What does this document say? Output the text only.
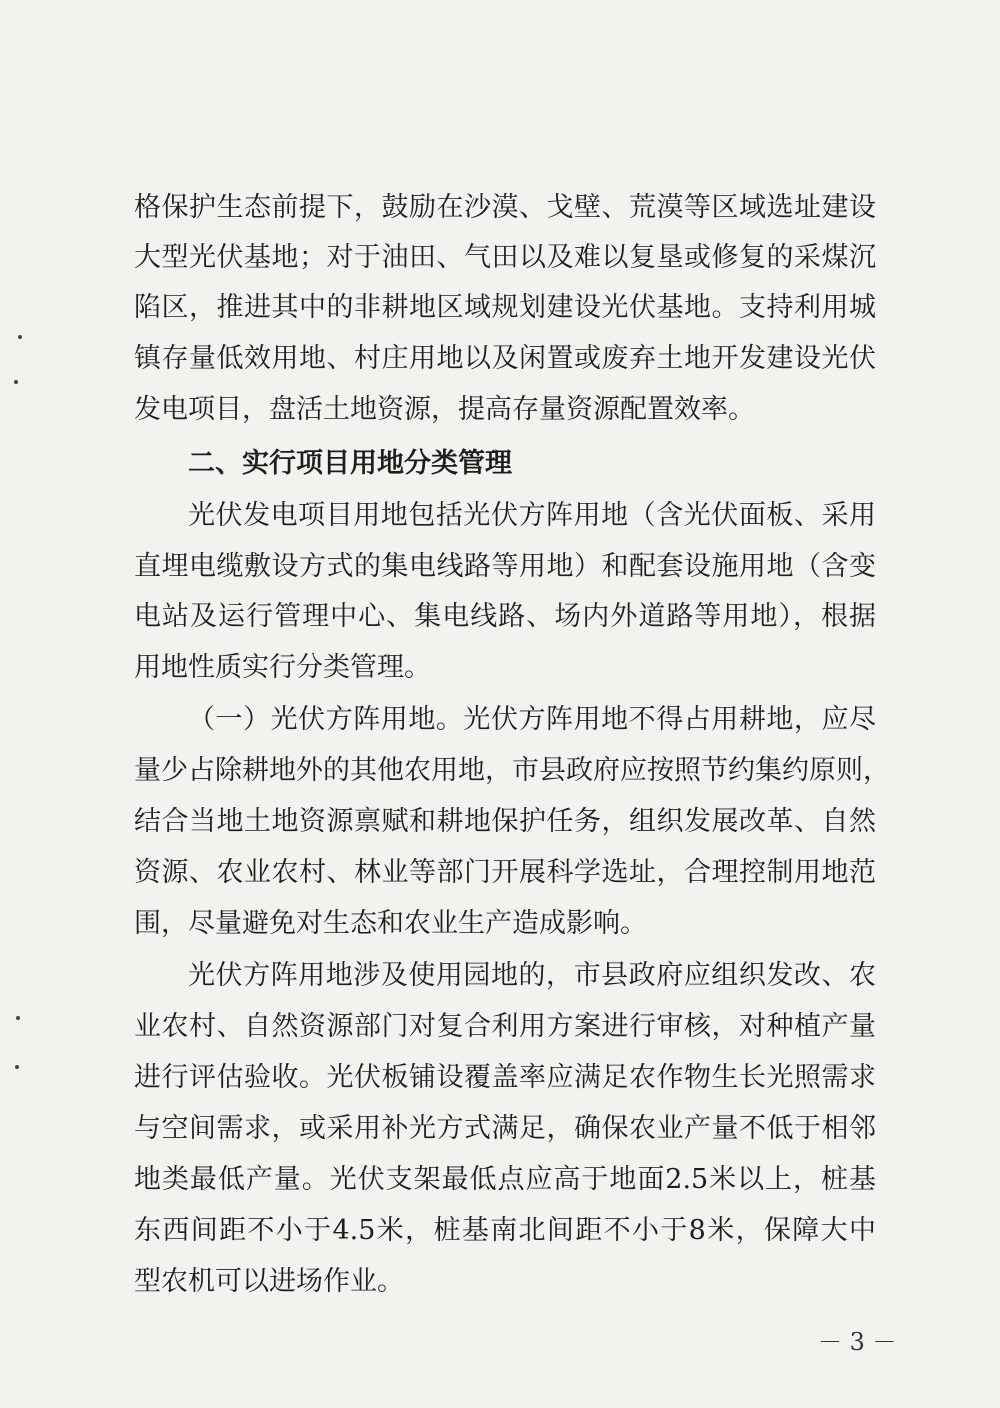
格保护生态前提下，鼓励在沙漠、戈壁、荒漠等区域选址建设
大型光伏基地；对于油田、气田以及难以复垦或修复的采煤沉
陷区，推进其中的非耕地区域规划建设光伏基地。支持利用城
镇存量低效用地、村庄用地以及闲置或废弃土地开发建设光伏
发电项目，盘活土地资源，提高存量资源配置效率。
二、实行项目用地分类管理
光伏发电项目用地包括光伏方阵用地（含光伏面板、采用
直埋电缆敷设方式的集电线路等用地）和配套设施用地（含变
电站及运行管理中心、集电线路、场内外道路等用地），根据
用地性质实行分类管理。
（一）光伏方阵用地。光伏方阵用地不得占用耕地，应尽
量少占除耕地外的其他农用地，市县政府应按照节约集约原则，
结合当地土地资源禀赋和耕地保护任务，组织发展改革、自然
资源、农业农村、林业等部门开展科学选址，合理控制用地范
围，尽量避免对生态和农业生产造成影响。
光伏方阵用地涉及使用园地的，市县政府应组织发改、农
业农村、自然资源部门对复合利用方案进行审核，对种植产量
进行评估验收。光伏板铺设覆盖率应满足农作物生长光照需求
与空间需求，或采用补光方式满足，确保农业产量不低于相邻
地类最低产量。光伏支架最低点应高于地面2.5米以上，桩基
东西间距不小于4.5米，桩基南北间距不小于8米，保障大中
型农机可以进场作业。
－ 3 －
